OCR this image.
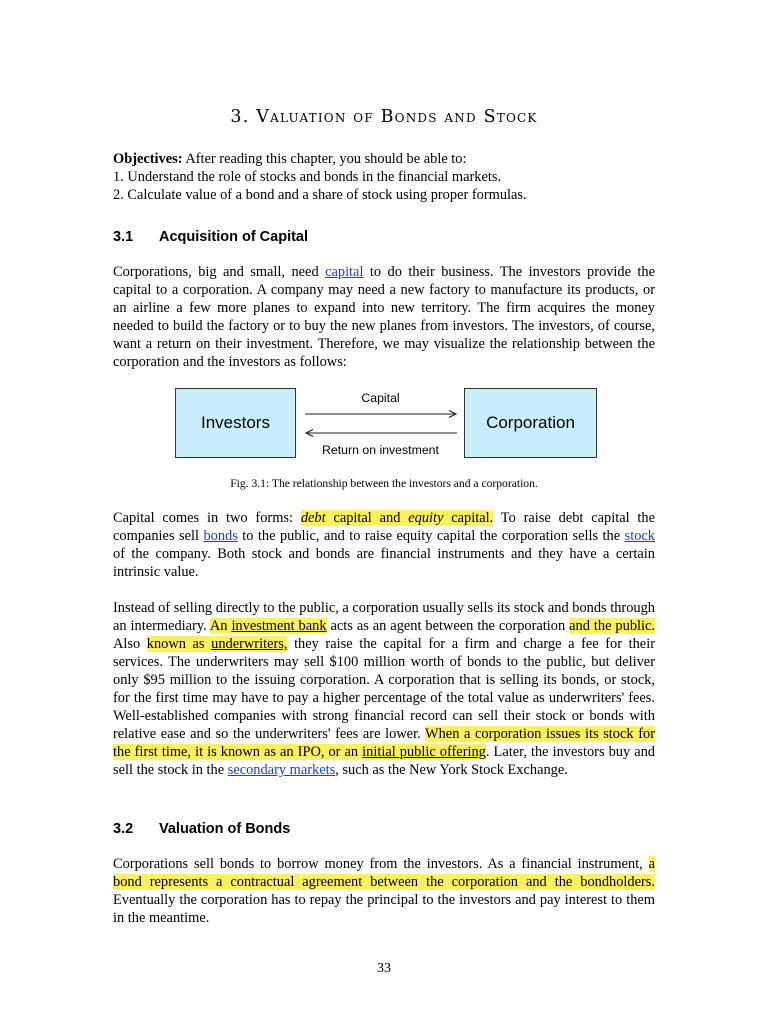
3. Valuation of Bonds and Stock

Objectives: After reading this chapter, you should be able to:

1. Understand the role of stocks and bonds in the financial markets.

2. Calculate value of a bond and a share of stock using proper formulas.

3.1 Acquisition of Capital

Corporations, big and small, need capital to do their business. The investors provide the capital to a corporation. A company may need a new factory to manufacture its products, or an airline a few more planes to expand into new territory. The firm acquires the money needed to build the factory or to buy the new planes from investors. The investors, of course, want a return on their investment. Therefore, we may visualize the relationship between the corporation and the investors as follows:

Investors	Corporation
Capital
Return on investment
Fig. 3.1: The relationship between the investors and a corporation.

Capital comes in two forms: debt capital and equity capital. To raise debt capital the companies sell bonds to the public, and to raise equity capital the corporation sells the stock of the company. Both stock and bonds are financial instruments and they have a certain intrinsic value.

Instead of selling directly to the public, a corporation usually sells its stock and bonds through an intermediary. An investment bank acts as an agent between the corporation and the public. Also known as underwriters, they raise the capital for a firm and charge a fee for their services. The underwriters may sell $100 million worth of bonds to the public, but deliver only $95 million to the issuing corporation. A corporation that is selling its bonds, or stock, for the first time may have to pay a higher percentage of the total value as underwriters' fees. Well-established companies with strong financial record can sell their stock or bonds with relative ease and so the underwriters' fees are lower. When a corporation issues its stock for the first time, it is known as an IPO, or an initial public offering. Later, the investors buy and sell the stock in the secondary markets, such as the New York Stock Exchange.

3.2 Valuation of Bonds

Corporations sell bonds to borrow money from the investors. As a financial instrument, a bond represents a contractual agreement between the corporation and the bondholders. Eventually the corporation has to repay the principal to the investors and pay interest to them in the meantime.

33
